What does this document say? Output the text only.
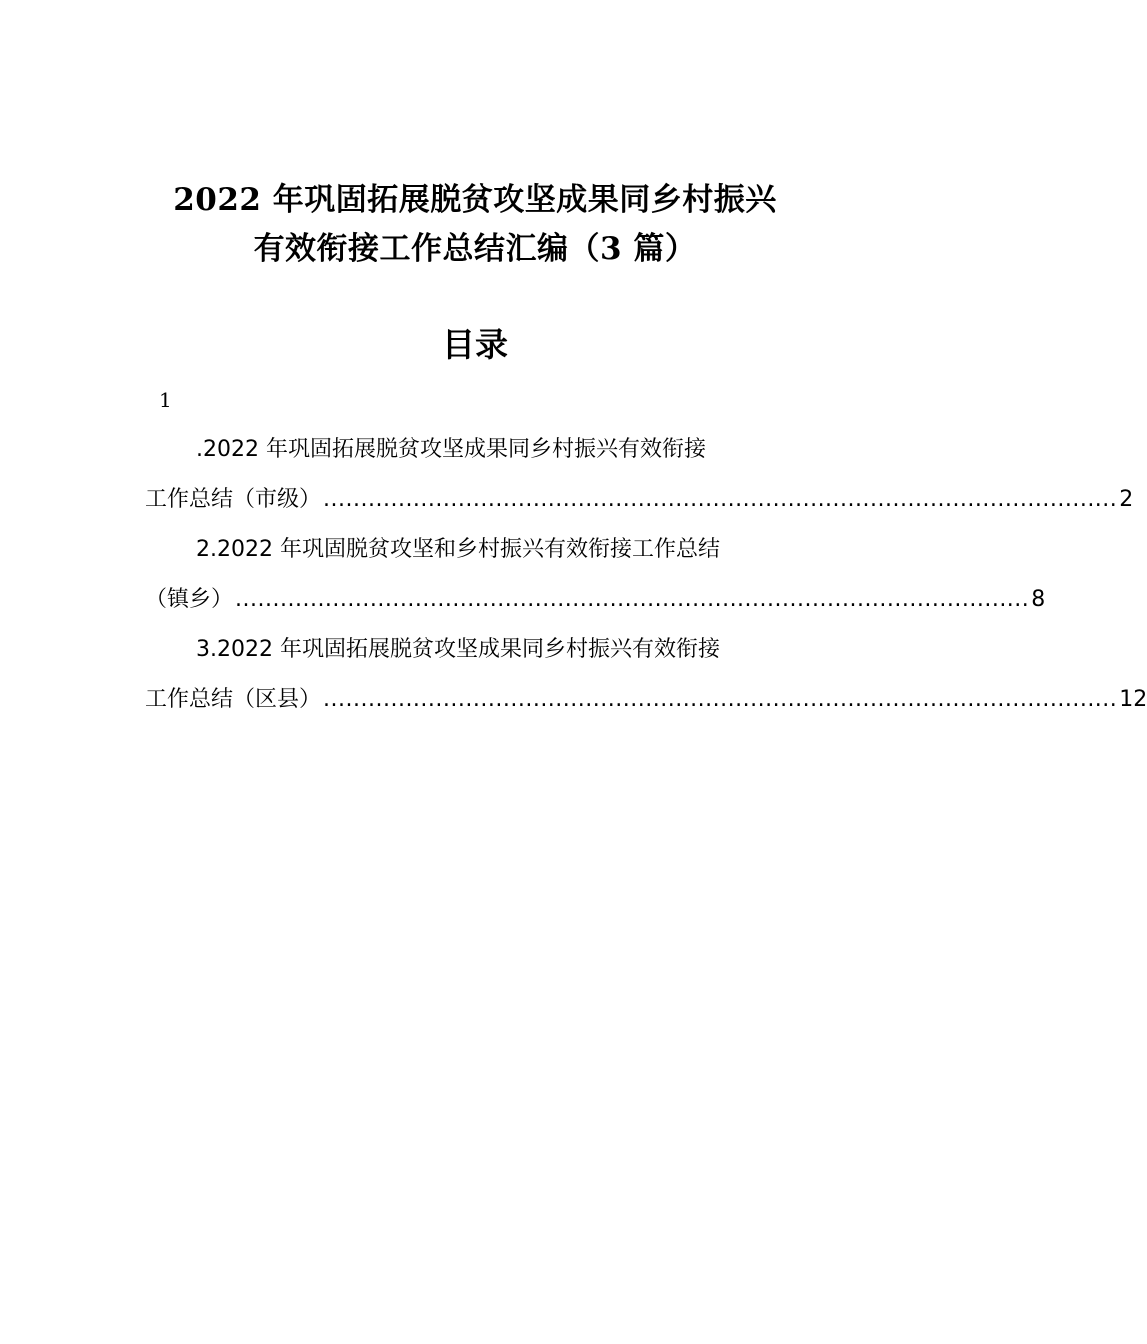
2022 年巩固拓展脱贫攻坚成果同乡村振兴
有效衔接工作总结汇编（3 篇）
目录
1
.2022 年巩固拓展脱贫攻坚成果同乡村振兴有效衔接
工作总结（市级） .......................................................................................................... 2
2.2022 年巩固脱贫攻坚和乡村振兴有效衔接工作总结
（镇乡） .......................................................................................................... 8
3.2022 年巩固拓展脱贫攻坚成果同乡村振兴有效衔接
工作总结（区县） .......................................................................................................... 12
